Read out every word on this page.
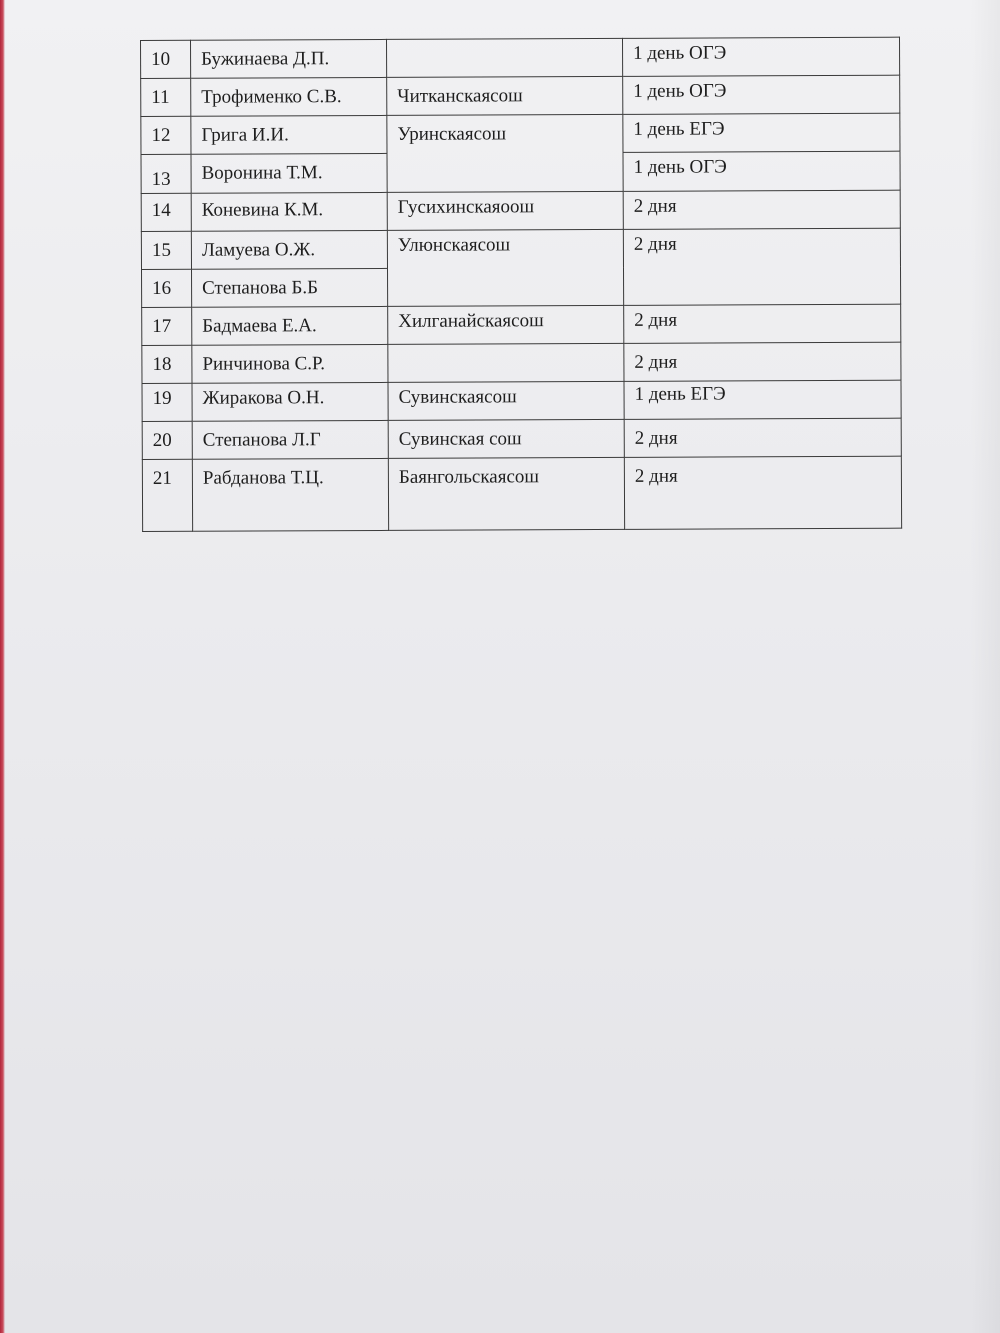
10	Бужинаева Д.П.		1 день ОГЭ
11	Трофименко С.В.	Читканскаясош	1 день ОГЭ
12	Грига И.И.	Уринскаясош	1 день ЕГЭ
13	Воронина Т.М.		1 день ОГЭ
14	Коневина К.М.	Гусихинскаяоош	2 дня
15	Ламуева О.Ж.	Улюнскаясош	2 дня
16	Степанова Б.Б		
17	Бадмаева Е.А.	Хилганайскаясош	2 дня
18	Ринчинова С.Р.		2 дня
19	Жиракова О.Н.	Сувинскаясош	1 день ЕГЭ
20	Степанова Л.Г	Сувинская сош	2 дня
21	Рабданова Т.Ц.	Баянгольскаясош	2 дня
